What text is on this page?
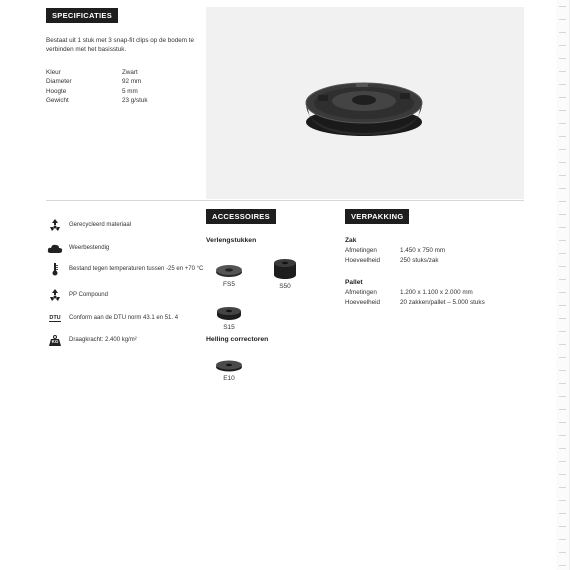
SPECIFICATIES
Bestaat uit 1 stuk met 3 snap-fit clips op de bodem te verbinden met het basisstuk.
Kleur	Zwart
Diameter	92 mm
Hoogte	5 mm
Gewicht	23 g/stuk
Gerecycleerd materiaal
Weerbestendig
Bestand tegen temperaturen tussen -25 en +70 °C
PP Compound
DTU Conform aan de DTU norm 43.1 en 51. 4
KG	Draagkracht: 2.400 kg/m²
ACCESSOIRES
Verlengstukken
FS5	S50
S15
Helling correctoren
E10
VERPAKKING
Zak
Afmetingen	1.450 x 750 mm
Hoeveelheid	250 stuks/zak
Pallet
Afmetingen	1.200 x 1.100 x 2.000 mm
Hoeveelheid	20 zakken/pallet – 5.000 stuks
